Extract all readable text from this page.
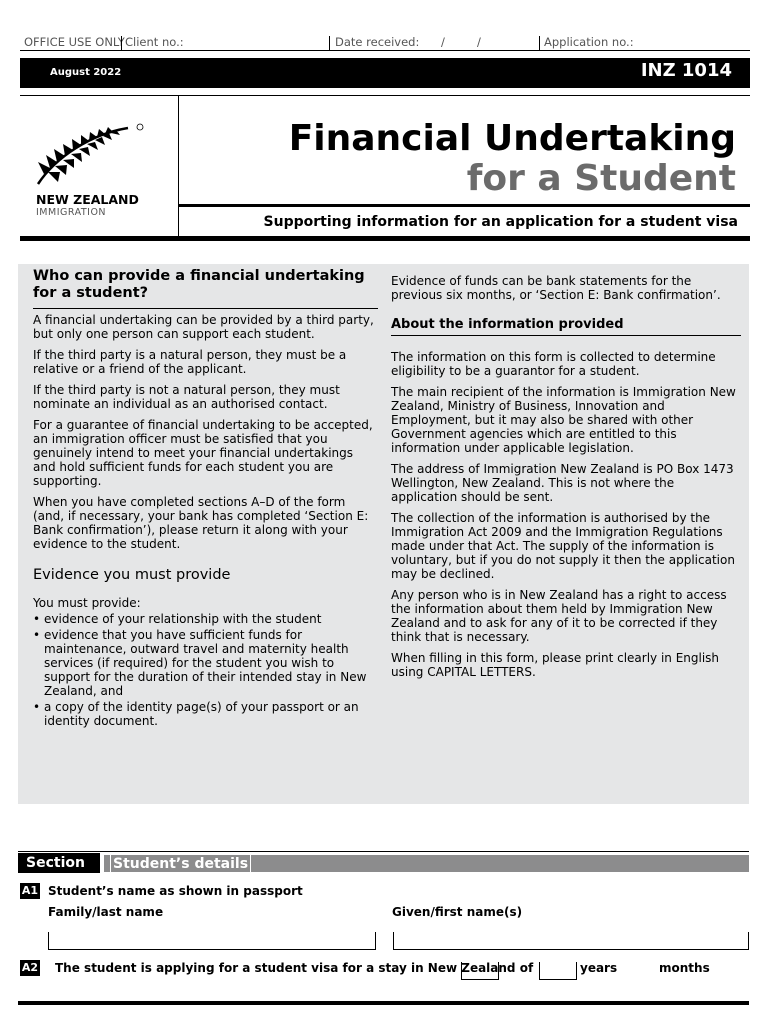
OFFICE USE ONLY Client no.:	Date received: /	/	Application no.:
August 2022	INZ 1014
NEW ZEALAND
IMMIGRATION
Financial Undertaking
for a Student
Supporting information for an application for a student visa

Who can provide a financial undertaking for a student?

A financial undertaking can be provided by a third party, but only one person can support each student.

If the third party is a natural person, they must be a relative or a friend of the applicant.

If the third party is not a natural person, they must nominate an individual as an authorised contact.

For a guarantee of financial undertaking to be accepted, an immigration officer must be satisfied that you genuinely intend to meet your financial undertakings and hold sufficient funds for each student you are supporting.

When you have completed sections A–D of the form (and, if necessary, your bank has completed ‘Section E: Bank confirmation’), please return it along with your evidence to the student.

Evidence you must provide

You must provide:

• evidence of your relationship with the student
• evidence that you have sufficient funds for maintenance, outward travel and maternity health services (if required) for the student you wish to support for the duration of their intended stay in New Zealand, and
• a copy of the identity page(s) of your passport or an identity document.

Evidence of funds can be bank statements for the previous six months, or ‘Section E: Bank confirmation’.

About the information provided

The information on this form is collected to determine eligibility to be a guarantor for a student.

The main recipient of the information is Immigration New Zealand, Ministry of Business, Innovation and Employment, but it may also be shared with other Government agencies which are entitled to this information under applicable legislation.

The address of Immigration New Zealand is PO Box 1473 Wellington, New Zealand. This is not where the application should be sent.

The collection of the information is authorised by the Immigration Act 2009 and the Immigration Regulations made under that Act. The supply of the information is voluntary, but if you do not supply it then the application may be declined.

Any person who is in New Zealand has a right to access the information about them held by Immigration New Zealand and to ask for any of it to be corrected if they think that is necessary.

When filling in this form, please print clearly in English using CAPITAL LETTERS.

Section	Student’s details
A1 Student’s name as shown in passport
Family/last name	Given/first name(s)
A2 The student is applying for a student visa for a stay in New Zealand of	years	months
